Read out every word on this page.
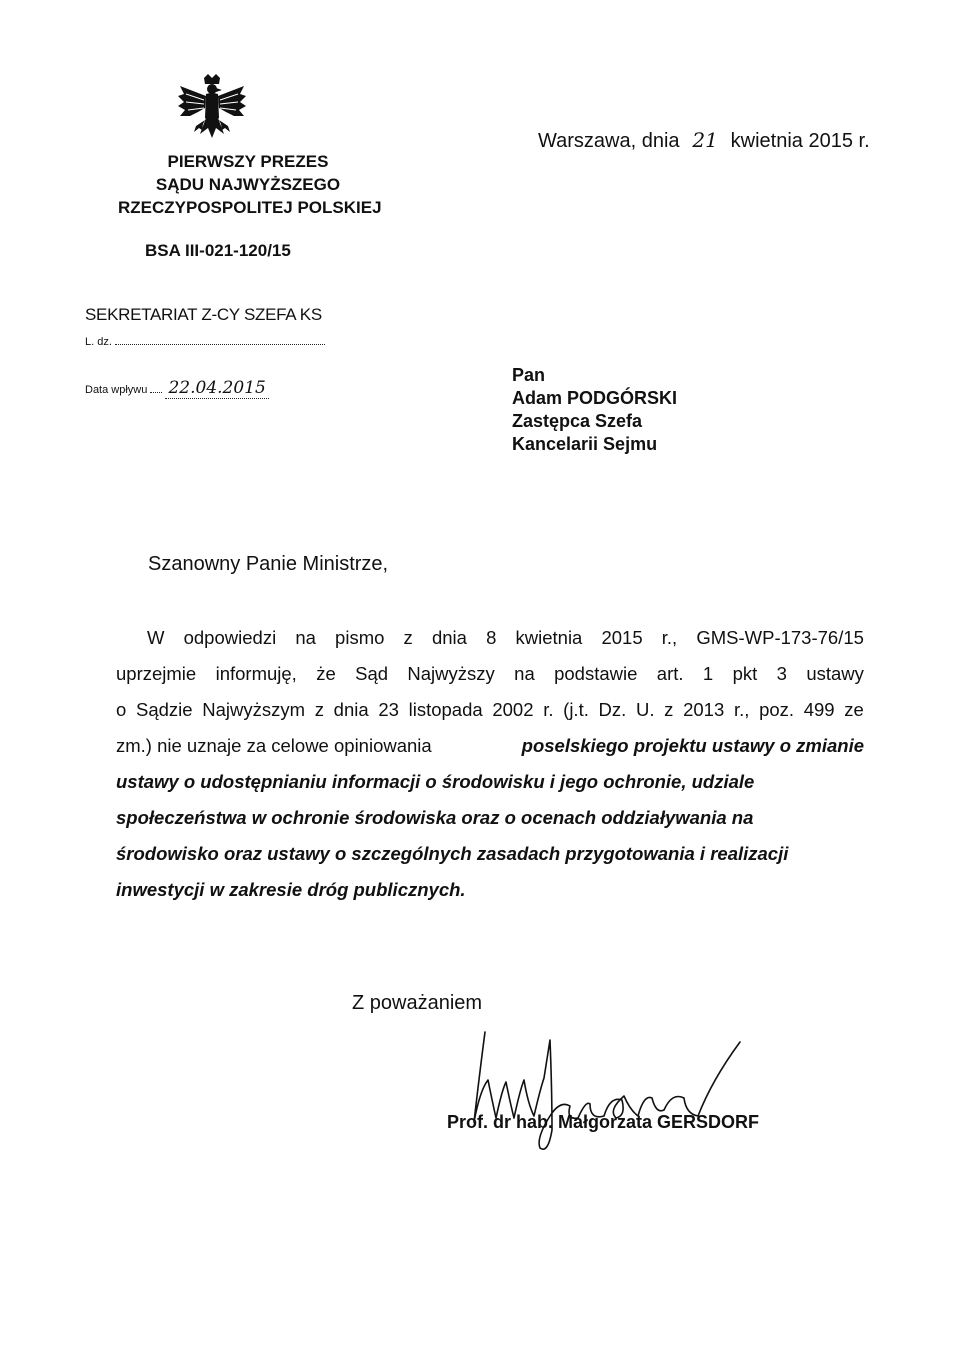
PIERWSZY PREZES
SĄDU NAJWYŻSZEGO
RZECZYPOSPOLITEJ POLSKIEJ
Warszawa, dnia 21 kwietnia 2015 r.
BSA III-021-120/15
SEKRETARIAT Z-CY SZEFA KS
L. dz.
Data wpływu 22.04.2015
Pan
Adam PODGÓRSKI
Zastępca Szefa
Kancelarii Sejmu
Szanowny Panie Ministrze,
W odpowiedzi na pismo z dnia 8 kwietnia 2015 r., GMS-WP-173-76/15
uprzejmie informuję, że Sąd Najwyższy na podstawie art. 1 pkt 3 ustawy
o Sądzie Najwyższym z dnia 23 listopada 2002 r. (j.t. Dz. U. z 2013 r., poz. 499 ze
zm.) nie uznaje za celowe opiniowania	poselskiego projektu ustawy o zmianie
ustawy o udostępnianiu informacji o środowisku i jego ochronie, udziale
społeczeństwa w ochronie środowiska oraz o ocenach oddziaływania na
środowisko oraz ustawy o szczególnych zasadach przygotowania i realizacji
inwestycji w zakresie dróg publicznych.
Z poważaniem
Prof. dr hab. Małgorzata GERSDORF
